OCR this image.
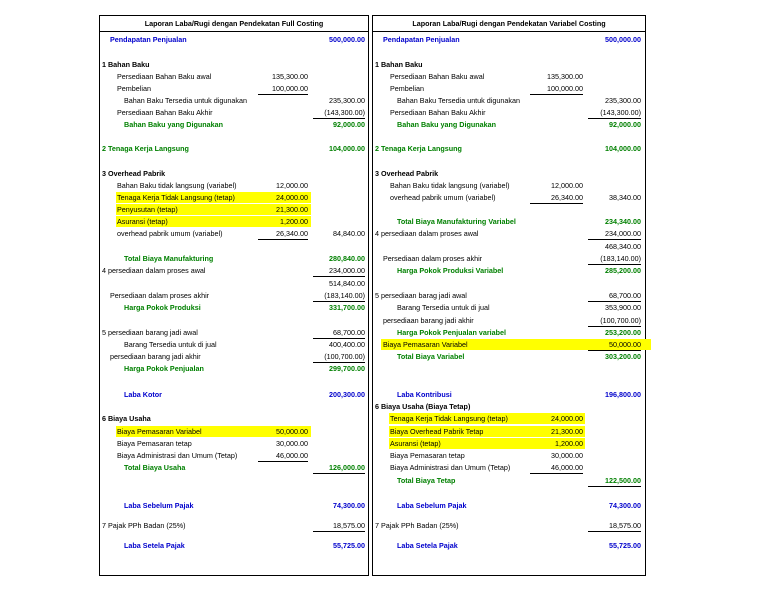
Laporan Laba/Rugi dengan Pendekatan Full Costing
Pendapatan Penjualan	500,000.00
1 Bahan Baku
Persediaan Bahan Baku awal	135,300.00
Pembelian	100,000.00
Bahan Baku Tersedia untuk digunakan	235,300.00
Persediaan Bahan Baku Akhir	(143,300.00)
Bahan Baku yang Digunakan	92,000.00
2 Tenaga Kerja Langsung	104,000.00
3 Overhead Pabrik
Bahan Baku tidak langsung (variabel)	12,000.00
Tenaga Kerja Tidak Langsung (tetap)	24,000.00
Penyusutan (tetap)	21,300.00
Asuransi (tetap)	1,200.00
overhead pabrik umum (variabel)	26,340.00	84,840.00
Total Biaya Manufakturing	280,840.00
4 persediaan dalam proses awal	234,000.00
514,840.00
Persediaan dalam proses akhir	(183,140.00)
Harga Pokok Produksi	331,700.00
5 persediaan barang jadi awal	68,700.00
Barang Tersedia untuk di jual	400,400.00
persediaan barang jadi akhir	(100,700.00)
Harga Pokok Penjualan	299,700.00
Laba Kotor	200,300.00
6 Biaya Usaha
Biaya Pemasaran Variabel	50,000.00
Biaya Pemasaran tetap	30,000.00
Biaya Administrasi dan Umum (Tetap)	46,000.00
Total Biaya Usaha	126,000.00
Laba Sebelum Pajak	74,300.00
7 Pajak PPh Badan (25%)	18,575.00
Laba Setela Pajak	55,725.00
Laporan Laba/Rugi dengan Pendekatan Variabel Costing
Pendapatan Penjualan	500,000.00
1 Bahan Baku
Persediaan Bahan Baku awal	135,300.00
Pembelian	100,000.00
Bahan Baku Tersedia untuk digunakan	235,300.00
Persediaan Bahan Baku Akhir	(143,300.00)
Bahan Baku yang Digunakan	92,000.00
2 Tenaga Kerja Langsung	104,000.00
3 Overhead Pabrik
Bahan Baku tidak langsung (variabel)	12,000.00
overhead pabrik umum (variabel)	26,340.00	38,340.00
Total Biaya Manufakturing Variabel	234,340.00
4 persediaan dalam proses awal	234,000.00
468,340.00
Persediaan dalam proses akhir	(183,140.00)
Harga Pokok Produksi Variabel	285,200.00
5 persediaan barag jadi awal	68,700.00
Barang Tersedia untuk di jual	353,900.00
persediaan barang jadi akhir	(100,700.00)
Harga Pokok Penjualan variabel	253,200.00
Biaya Pemasaran Variabel	50,000.00
Total Biaya Variabel	303,200.00
Laba Kontribusi	196,800.00
6 Biaya Usaha (Biaya Tetap)
Tenaga Kerja Tidak Langsung (tetap)	24,000.00
Biaya Overhead Pabrik Tetap	21,300.00
Asuransi (tetap)	1,200.00
Biaya Pemasaran tetap	30,000.00
Biaya Administrasi dan Umum (Tetap)	46,000.00
Total Biaya Tetap	122,500.00
Laba Sebelum Pajak	74,300.00
7 Pajak PPh Badan (25%)	18,575.00
Laba Setela Pajak	55,725.00
